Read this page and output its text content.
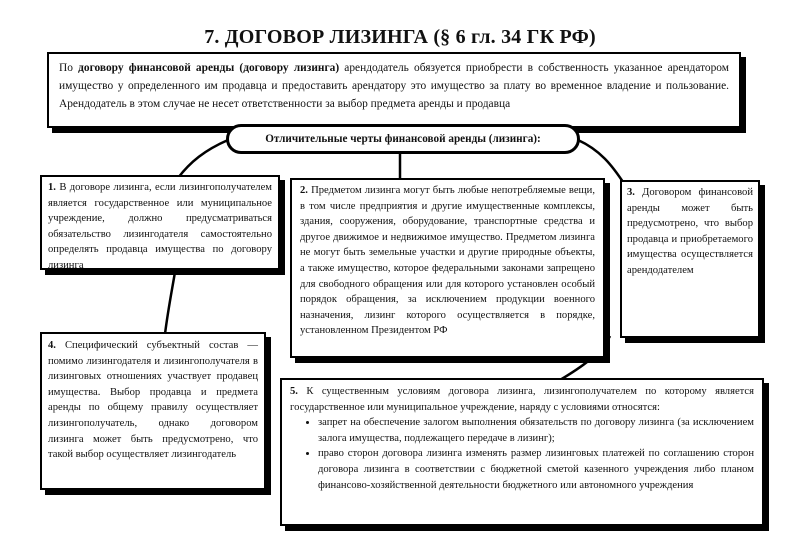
7. ДОГОВОР ЛИЗИНГА (§ 6 гл. 34 ГК РФ)
По договору финансовой аренды (договору лизинга) арендодатель обязуется приобрести в собственность указанное арендатором имущество у определенного им продавца и предоставить арендатору это имущество за плату во временное владение и пользование. Арендодатель в этом случае не несет ответственности за выбор предмета аренды и продавца
Отличительные черты финансовой аренды (лизинга):
1. В договоре лизинга, если лизингополучателем является государственное или муниципальное учреждение, должно предусматриваться обязательство лизингодателя самостоятельно определять продавца имущества по договору лизинга
2. Предметом лизинга могут быть любые непотребляемые вещи, в том числе предприятия и другие имущественные комплексы, здания, сооружения, оборудование, транспортные средства и другое движимое и недвижимое имущество. Предметом лизинга не могут быть земельные участки и другие природные объекты, а также имущество, которое федеральными законами запрещено для свободного обращения или для которого установлен особый порядок обращения, за исключением продукции военного назначения, лизинг которого осуществляется в порядке, установленном Президентом РФ
3. Договором финансовой аренды может быть предусмотрено, что выбор продавца и приобретаемого имущества осуществляется арендодателем
4. Специфический субъектный состав — помимо лизингодателя и лизингополучателя в лизинговых отношениях участвует продавец имущества. Выбор продавца и предмета аренды по общему правилу осуществляет лизингополучатель, однако договором лизинга может быть предусмотрено, что такой выбор осуществляет лизингодатель
5. К существенным условиям договора лизинга, лизингополучателем по которому является государственное или муниципальное учреждение, наряду с условиями относятся:
• запрет на обеспечение залогом выполнения обязательств по договору лизинга (за исключением залога имущества, подлежащего передаче в лизинг);
• право сторон договора лизинга изменять размер лизинговых платежей по соглашению сторон договора лизинга в соответствии с бюджетной сметой казенного учреждения либо планом финансово-хозяйственной деятельности бюджетного или автономного учреждения
